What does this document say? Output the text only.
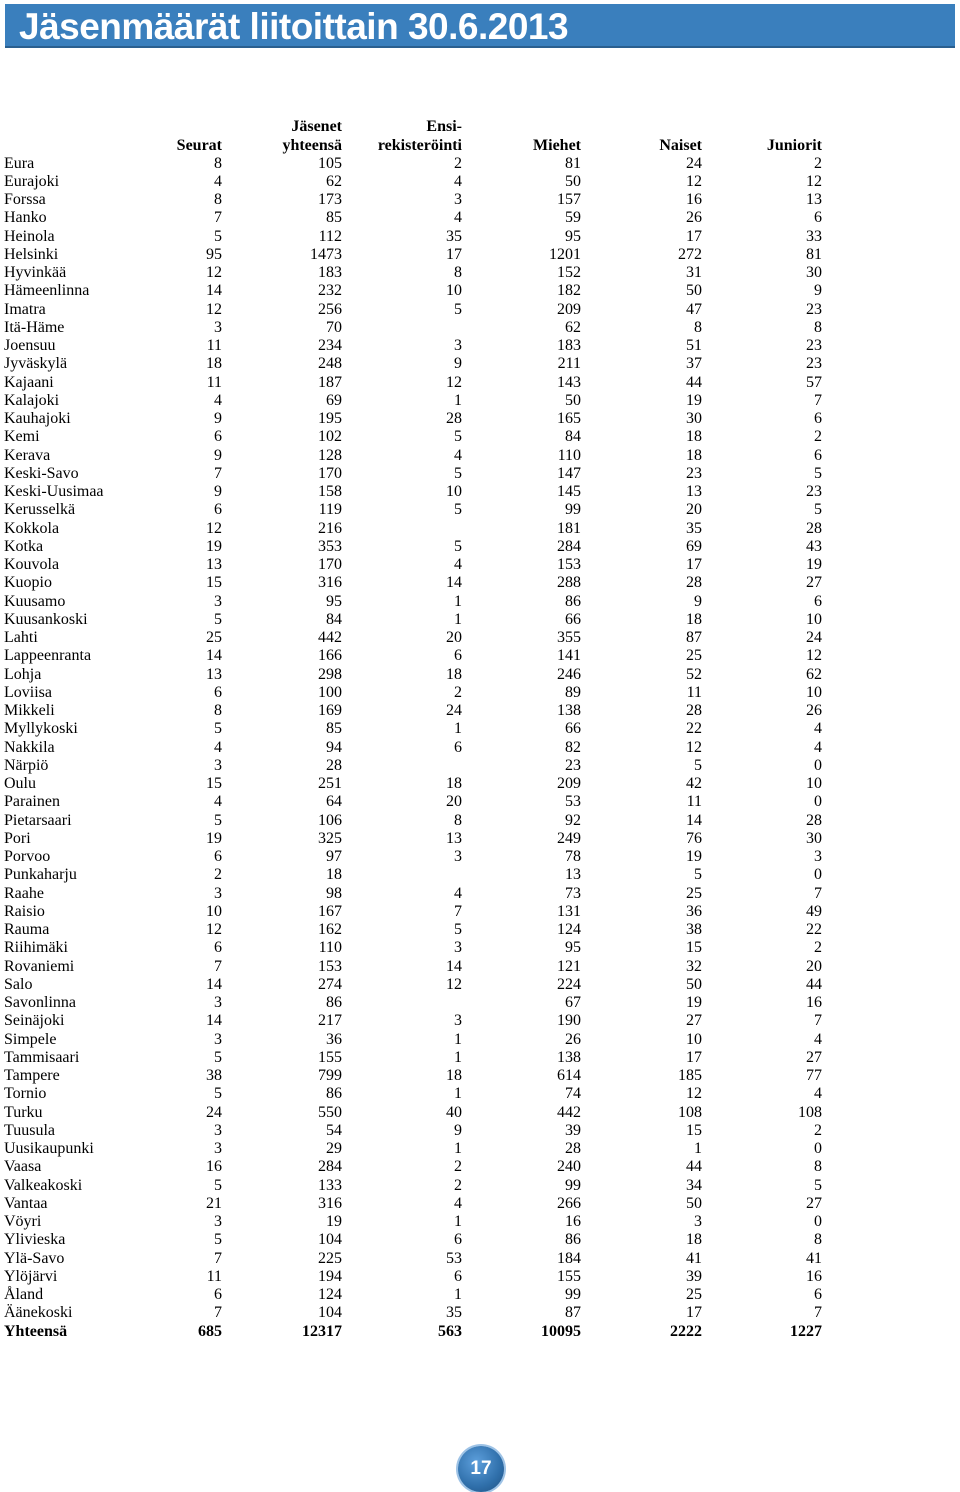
Jäsenmäärät liitoittain 30.6.2013
		Jäsenet	Ensi-			
	Seurat	yhteensä	rekisteröinti	Miehet	Naiset	Juniorit
Eura	8	105	2	81	24	2
Eurajoki	4	62	4	50	12	12
Forssa	8	173	3	157	16	13
Hanko	7	85	4	59	26	6
Heinola	5	112	35	95	17	33
Helsinki	95	1473	17	1201	272	81
Hyvinkää	12	183	8	152	31	30
Hämeenlinna	14	232	10	182	50	9
Imatra	12	256	5	209	47	23
Itä-Häme	3	70		62	8	8
Joensuu	11	234	3	183	51	23
Jyväskylä	18	248	9	211	37	23
Kajaani	11	187	12	143	44	57
Kalajoki	4	69	1	50	19	7
Kauhajoki	9	195	28	165	30	6
Kemi	6	102	5	84	18	2
Kerava	9	128	4	110	18	6
Keski-Savo	7	170	5	147	23	5
Keski-Uusimaa	9	158	10	145	13	23
Kerusselkä	6	119	5	99	20	5
Kokkola	12	216		181	35	28
Kotka	19	353	5	284	69	43
Kouvola	13	170	4	153	17	19
Kuopio	15	316	14	288	28	27
Kuusamo	3	95	1	86	9	6
Kuusankoski	5	84	1	66	18	10
Lahti	25	442	20	355	87	24
Lappeenranta	14	166	6	141	25	12
Lohja	13	298	18	246	52	62
Loviisa	6	100	2	89	11	10
Mikkeli	8	169	24	138	28	26
Myllykoski	5	85	1	66	22	4
Nakkila	4	94	6	82	12	4
Närpiö	3	28		23	5	0
Oulu	15	251	18	209	42	10
Parainen	4	64	20	53	11	0
Pietarsaari	5	106	8	92	14	28
Pori	19	325	13	249	76	30
Porvoo	6	97	3	78	19	3
Punkaharju	2	18		13	5	0
Raahe	3	98	4	73	25	7
Raisio	10	167	7	131	36	49
Rauma	12	162	5	124	38	22
Riihimäki	6	110	3	95	15	2
Rovaniemi	7	153	14	121	32	20
Salo	14	274	12	224	50	44
Savonlinna	3	86		67	19	16
Seinäjoki	14	217	3	190	27	7
Simpele	3	36	1	26	10	4
Tammisaari	5	155	1	138	17	27
Tampere	38	799	18	614	185	77
Tornio	5	86	1	74	12	4
Turku	24	550	40	442	108	108
Tuusula	3	54	9	39	15	2
Uusikaupunki	3	29	1	28	1	0
Vaasa	16	284	2	240	44	8
Valkeakoski	5	133	2	99	34	5
Vantaa	21	316	4	266	50	27
Vöyri	3	19	1	16	3	0
Ylivieska	5	104	6	86	18	8
Ylä-Savo	7	225	53	184	41	41
Ylöjärvi	11	194	6	155	39	16
Åland	6	124	1	99	25	6
Äänekoski	7	104	35	87	17	7
Yhteensä	685	12317	563	10095	2222	1227
17
